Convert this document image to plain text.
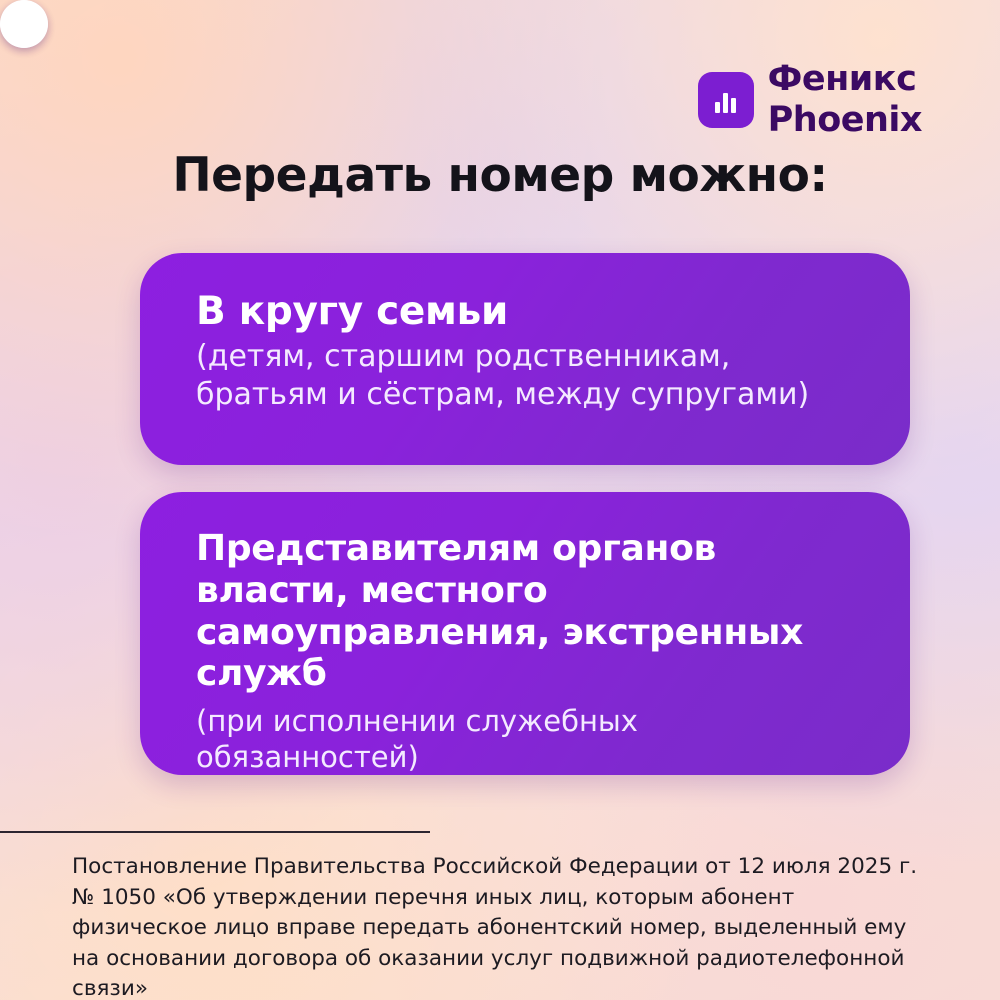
Феникс
Phoenix
Передать номер можно:

В кругу семьи

(детям, старшим родственникам, братьям и сёстрам, между супругами)

Представителям органов власти, местного самоуправления, экстренных служб

(при исполнении служебных обязанностей)

Постановление Правительства Российской Федерации от 12 июля 2025 г. № 1050 «Об утверждении перечня иных лиц, которым абонент физическое лицо вправе передать абонентский номер, выделенный ему на основании договора об оказании услуг подвижной радиотелефонной связи»
